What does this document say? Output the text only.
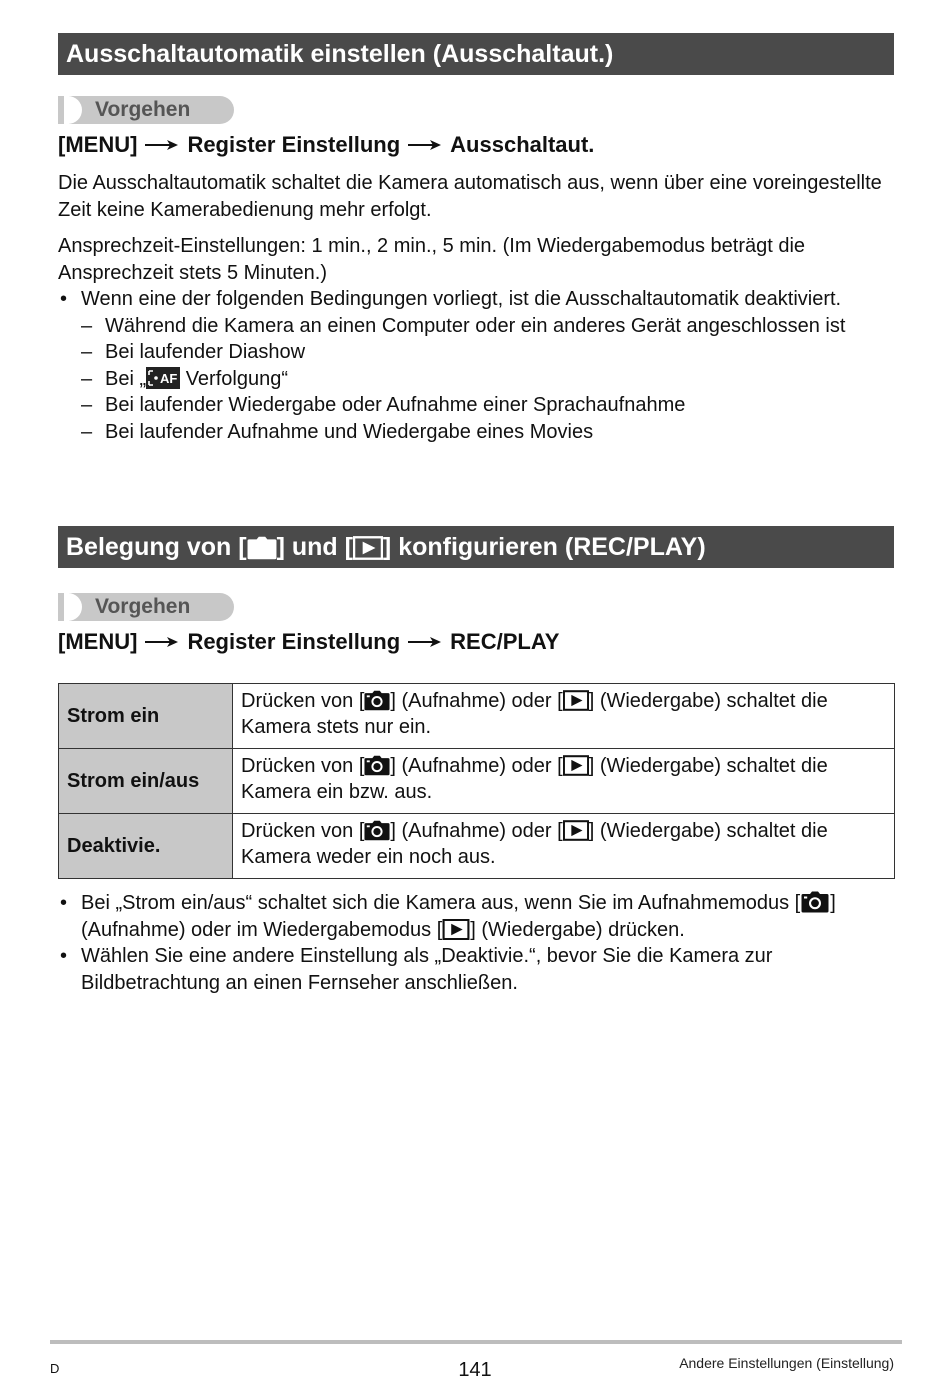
Ausschaltautomatik einstellen (Ausschaltaut.)
Vorgehen
[MENU] Register Einstellung Ausschaltaut.

Die Ausschaltautomatik schaltet die Kamera automatisch aus, wenn über eine voreingestellte Zeit keine Kamerabedienung mehr erfolgt.

Ansprechzeit-Einstellungen: 1 min., 2 min., 5 min. (Im Wiedergabemodus beträgt die Ansprechzeit stets 5 Minuten.)

• Wenn eine der folgenden Bedingungen vorliegt, ist die Ausschaltautomatik deaktiviert.
– Während die Kamera an einen Computer oder ein anderes Gerät angeschlossen ist
– Bei laufender Diashow
– Bei „ AF Verfolgung“
– Bei laufender Wiedergabe oder Aufnahme einer Sprachaufnahme
– Bei laufender Aufnahme und Wiedergabe eines Movies
Belegung von [ ] und [ ] konfigurieren (REC/PLAY)
Vorgehen
[MENU] Register Einstellung REC/PLAY
Strom ein	Drücken von [ ] (Aufnahme) oder [ ] (Wiedergabe) schaltet die Kamera stets nur ein.
Strom ein/aus	Drücken von [ ] (Aufnahme) oder [ ] (Wiedergabe) schaltet die Kamera ein bzw. aus.
Deaktivie.	Drücken von [ ] (Aufnahme) oder [ ] (Wiedergabe) schaltet die Kamera weder ein noch aus.
• Bei „Strom ein/aus“ schaltet sich die Kamera aus, wenn Sie im Aufnahmemodus [ ] (Aufnahme) oder im Wiedergabemodus [ ] (Wiedergabe) drücken.
• Wählen Sie eine andere Einstellung als „Deaktivie.“, bevor Sie die Kamera zur Bildbetrachtung an einen Fernseher anschließen.
D	141	Andere Einstellungen (Einstellung)
